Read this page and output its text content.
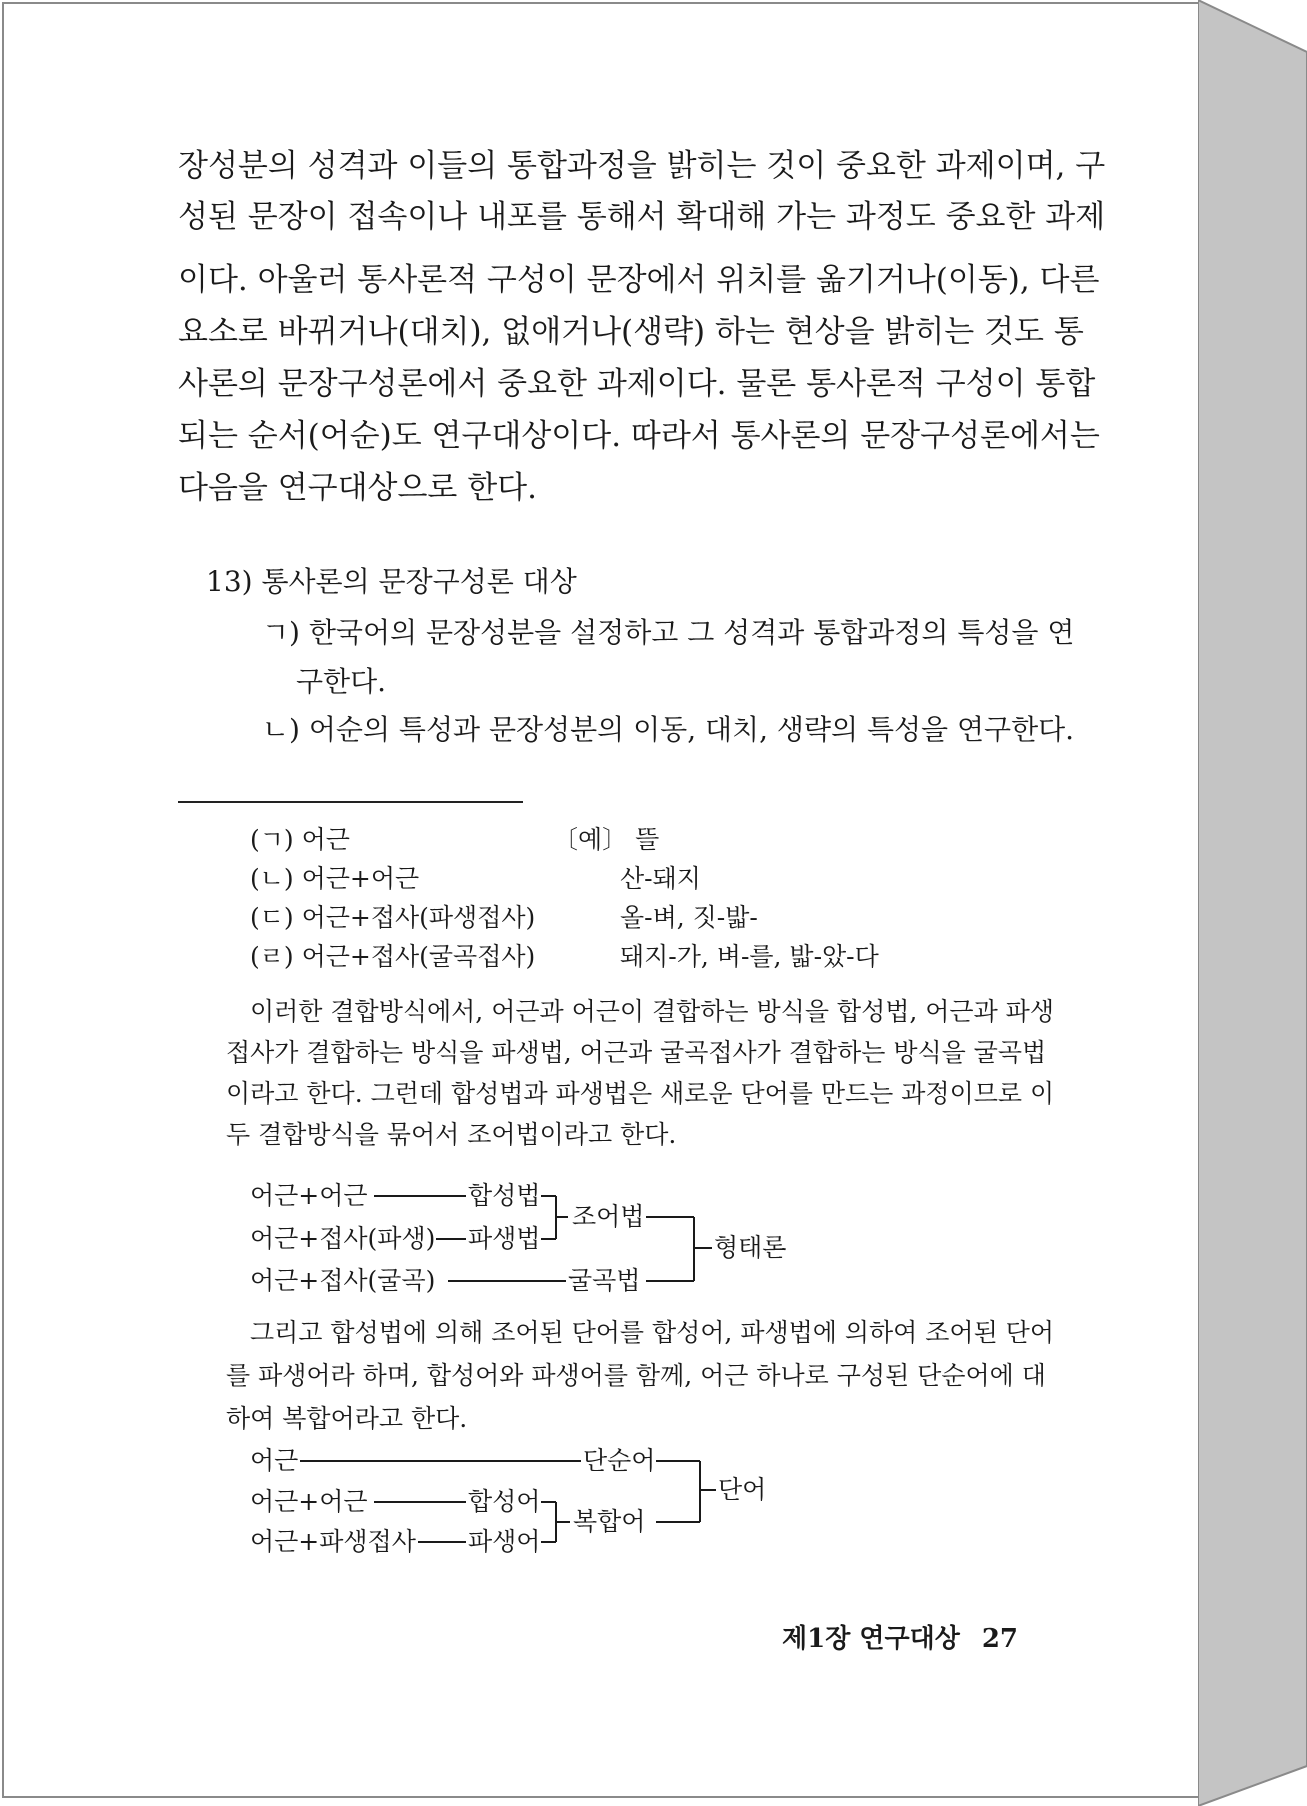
장성분의 성격과 이들의 통합과정을 밝히는 것이 중요한 과제이며, 구

성된 문장이 접속이나 내포를 통해서 확대해 가는 과정도 중요한 과제

이다. 아울러 통사론적 구성이 문장에서 위치를 옮기거나(이동), 다른

요소로 바뀌거나(대치), 없애거나(생략) 하는 현상을 밝히는 것도 통

사론의 문장구성론에서 중요한 과제이다. 물론 통사론적 구성이 통합

되는 순서(어순)도 연구대상이다. 따라서 통사론의 문장구성론에서는

다음을 연구대상으로 한다.

13) 통사론의 문장구성론 대상

ㄱ) 한국어의 문장성분을 설정하고 그 성격과 통합과정의 특성을 연

구한다.

ㄴ) 어순의 특성과 문장성분의 이동, 대치, 생략의 특성을 연구한다.

(ㄱ) 어근	〔예〕 뜰
(ㄴ) 어근+어근	산-돼지
(ㄷ) 어근+접사(파생접사)	올-벼, 짓-밟-
(ㄹ) 어근+접사(굴곡접사)	돼지-가, 벼-를, 밟-았-다

이러한 결합방식에서, 어근과 어근이 결합하는 방식을 합성법, 어근과 파생

접사가 결합하는 방식을 파생법, 어근과 굴곡접사가 결합하는 방식을 굴곡법

이라고 한다. 그런데 합성법과 파생법은 새로운 단어를 만드는 과정이므로 이

두 결합방식을 묶어서 조어법이라고 한다.

그리고 합성법에 의해 조어된 단어를 합성어, 파생법에 의하여 조어된 단어

를 파생어라 하며, 합성어와 파생어를 함께, 어근 하나로 구성된 단순어에 대

하여 복합어라고 한다.

어근+어근
어근+접사(파생)
어근+접사(굴곡)
합성법
파생법
조어법
굴곡법
형태론
어근
어근+어근
어근+파생접사
단순어
합성어
파생어
복합어
단어
제1장 연구대상 27
